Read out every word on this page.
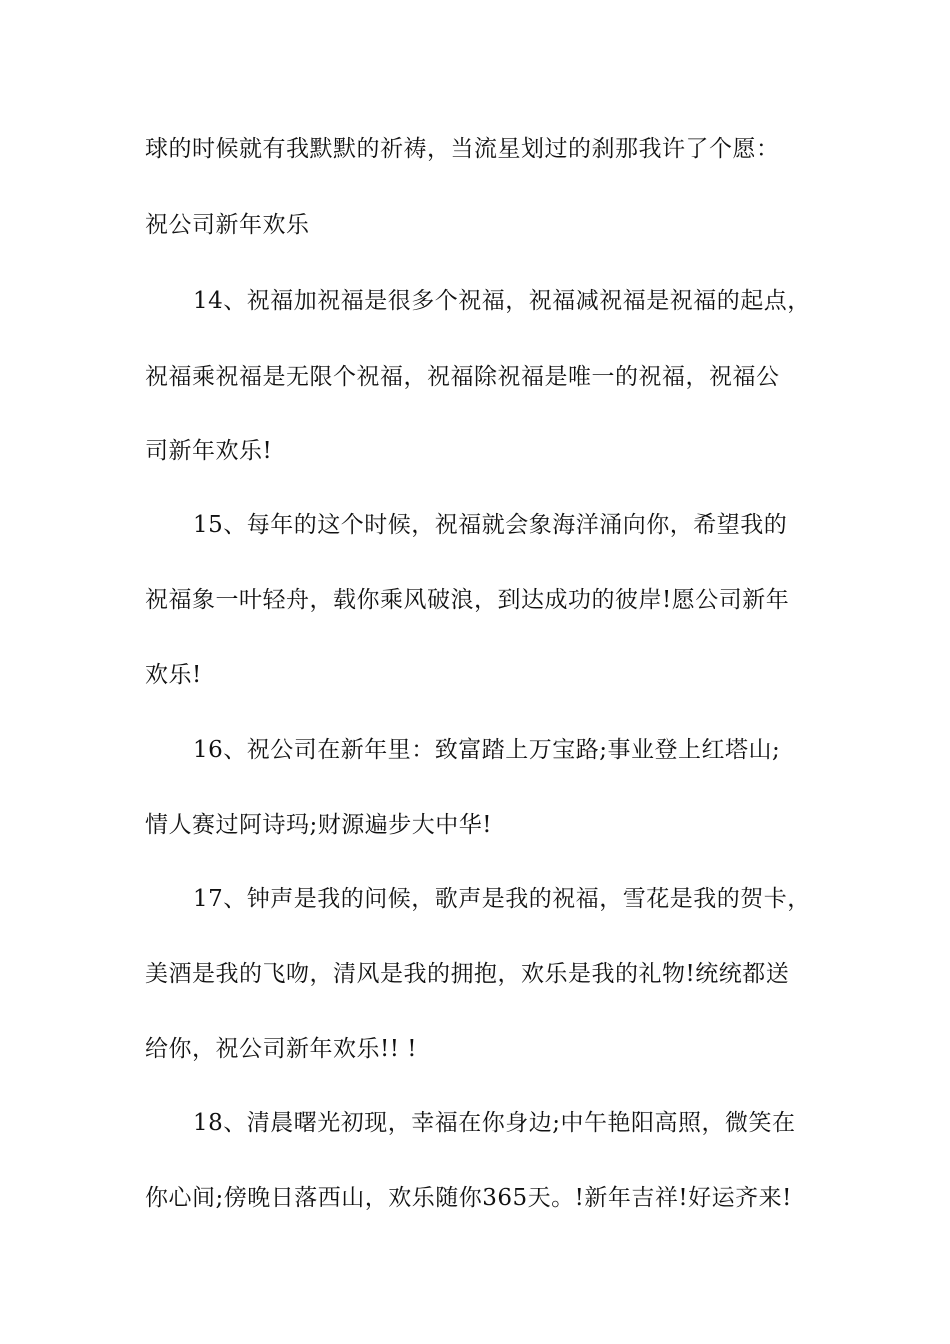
球的时候就有我默默的祈祷，当流星划过的刹那我许了个愿：
祝公司新年欢乐
14、祝福加祝福是很多个祝福，祝福减祝福是祝福的起点，
祝福乘祝福是无限个祝福，祝福除祝福是唯一的祝福，祝福公
司新年欢乐!
15、每年的这个时候，祝福就会象海洋涌向你，希望我的
祝福象一叶轻舟，载你乘风破浪，到达成功的彼岸!愿公司新年
欢乐!
16、祝公司在新年里：致富踏上万宝路;事业登上红塔山;
情人赛过阿诗玛;财源遍步大中华!
17、钟声是我的问候，歌声是我的祝福，雪花是我的贺卡，
美酒是我的飞吻，清风是我的拥抱，欢乐是我的礼物!统统都送
给你，祝公司新年欢乐!! !
18、清晨曙光初现，幸福在你身边;中午艳阳高照，微笑在
你心间;傍晚日落西山，欢乐随你365天。!新年吉祥!好运齐来!
